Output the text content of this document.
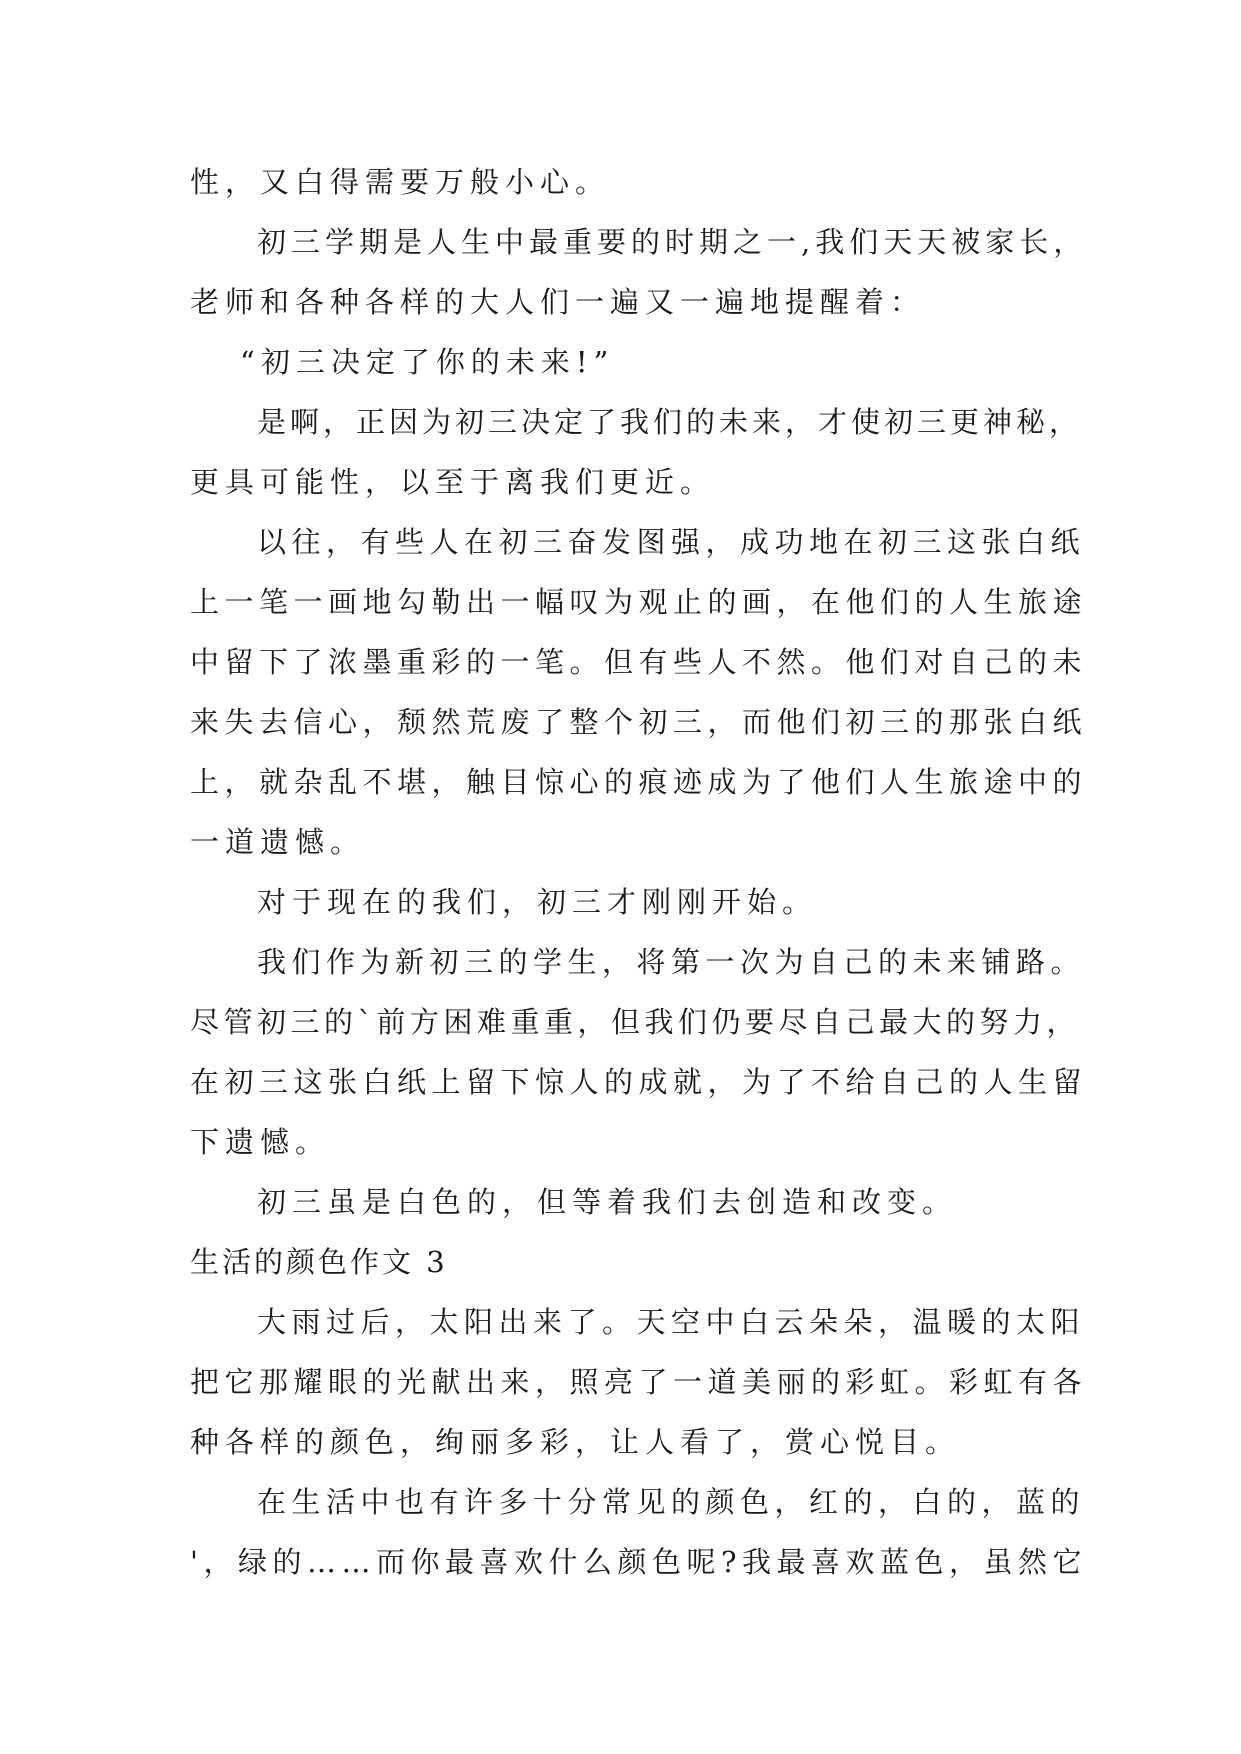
性，又白得需要万般小心。
初三学期是人生中最重要的时期之一,我们天天被家长，
老师和各种各样的大人们一遍又一遍地提醒着：
“初三决定了你的未来!”
是啊，正因为初三决定了我们的未来，才使初三更神秘，
更具可能性，以至于离我们更近。
以往，有些人在初三奋发图强，成功地在初三这张白纸
上一笔一画地勾勒出一幅叹为观止的画，在他们的人生旅途
中留下了浓墨重彩的一笔。但有些人不然。他们对自己的未
来失去信心，颓然荒废了整个初三，而他们初三的那张白纸
上，就杂乱不堪，触目惊心的痕迹成为了他们人生旅途中的
一道遗憾。
对于现在的我们，初三才刚刚开始。
我们作为新初三的学生，将第一次为自己的未来铺路。
尽管初三的`前方困难重重，但我们仍要尽自己最大的努力，
在初三这张白纸上留下惊人的成就，为了不给自己的人生留
下遗憾。
初三虽是白色的，但等着我们去创造和改变。
生活的颜色作文 3
大雨过后，太阳出来了。天空中白云朵朵，温暖的太阳
把它那耀眼的光献出来，照亮了一道美丽的彩虹。彩虹有各
种各样的颜色，绚丽多彩，让人看了，赏心悦目。
在生活中也有许多十分常见的颜色，红的，白的，蓝的
'，绿的……而你最喜欢什么颜色呢?我最喜欢蓝色，虽然它
